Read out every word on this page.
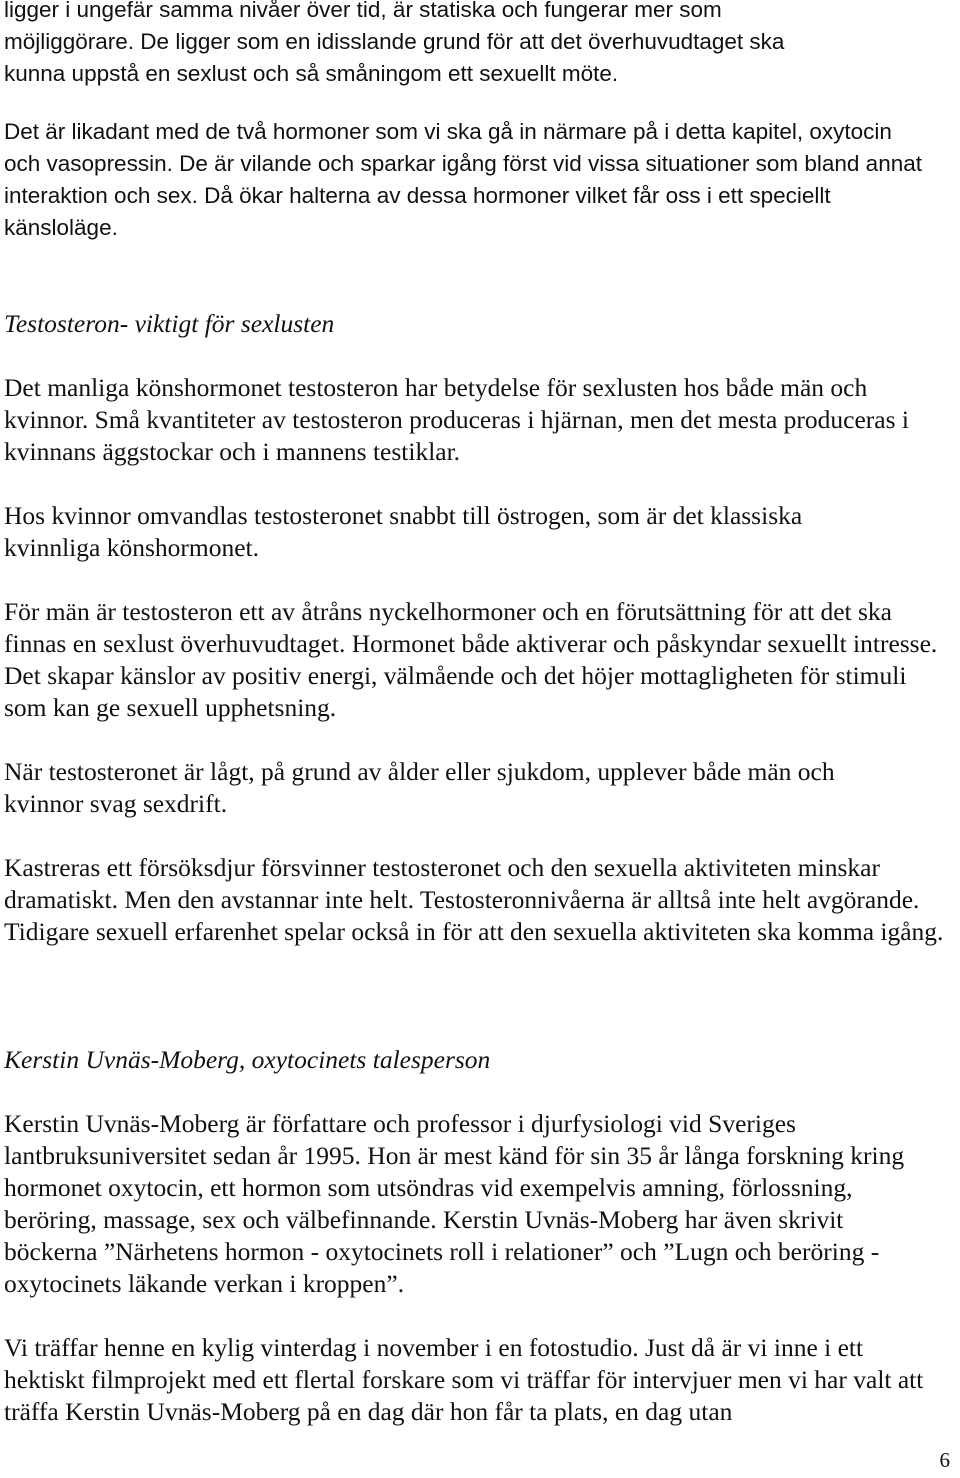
ligger i ungefär samma nivåer över tid, är statiska och fungerar mer som möjliggörare. De ligger som en idisslande grund för att det överhuvudtaget ska kunna uppstå en sexlust och så småningom ett sexuellt möte.

Det är likadant med de två hormoner som vi ska gå in närmare på i detta kapitel, oxytocin och vasopressin. De är vilande och sparkar igång först vid vissa situationer som bland annat interaktion och sex. Då ökar halterna av dessa hormoner vilket får oss i ett speciellt känsloläge.

Testosteron- viktigt för sexlusten

Det manliga könshormonet testosteron har betydelse för sexlusten hos både män och kvinnor. Små kvantiteter av testosteron produceras i hjärnan, men det mesta produceras i kvinnans äggstockar och i mannens testiklar.

Hos kvinnor omvandlas testosteronet snabbt till östrogen, som är det klassiska kvinnliga könshormonet.

För män är testosteron ett av åtråns nyckelhormoner och en förutsättning för att det ska finnas en sexlust överhuvudtaget. Hormonet både aktiverar och påskyndar sexuellt intresse. Det skapar känslor av positiv energi, välmående och det höjer mottagligheten för stimuli som kan ge sexuell upphetsning.

När testosteronet är lågt, på grund av ålder eller sjukdom, upplever både män och kvinnor svag sexdrift.

Kastreras ett försöksdjur försvinner testosteronet och den sexuella aktiviteten minskar dramatiskt. Men den avstannar inte helt. Testosteronnivåerna är alltså inte helt avgörande. Tidigare sexuell erfarenhet spelar också in för att den sexuella aktiviteten ska komma igång.

Kerstin Uvnäs-Moberg, oxytocinets talesperson

Kerstin Uvnäs-Moberg är författare och professor i djurfysiologi vid Sveriges lantbruksuniversitet sedan år 1995. Hon är mest känd för sin 35 år långa forskning kring hormonet oxytocin, ett hormon som utsöndras vid exempelvis amning, förlossning, beröring, massage, sex och välbefinnande. Kerstin Uvnäs-Moberg har även skrivit böckerna ”Närhetens hormon - oxytocinets roll i relationer” och ”Lugn och beröring - oxytocinets läkande verkan i kroppen”.

Vi träffar henne en kylig vinterdag i november i en fotostudio. Just då är vi inne i ett hektiskt filmprojekt med ett flertal forskare som vi träffar för intervjuer men vi har valt att träffa Kerstin Uvnäs-Moberg på en dag där hon får ta plats, en dag utan

6
